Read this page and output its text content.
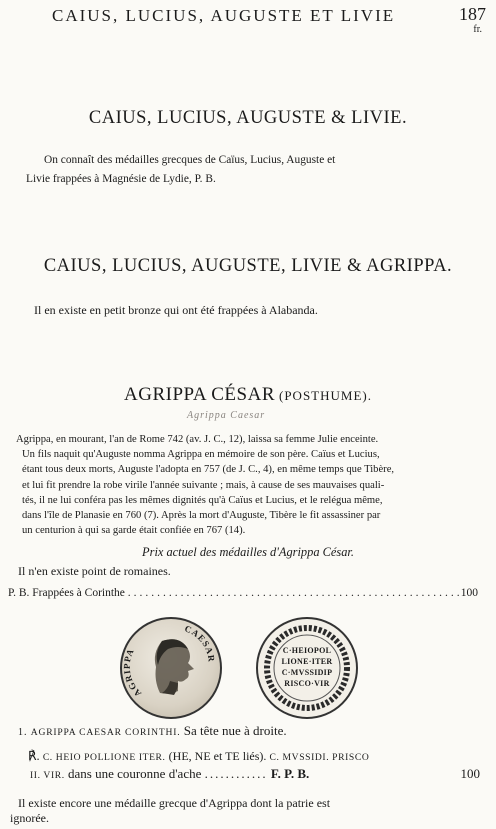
CAIUS, LUCIUS, AUGUSTE ET LIVIE	187
fr.
CAIUS, LUCIUS, AUGUSTE & LIVIE.
On connaît des médailles grecques de Caïus, Lucius, Auguste et
Livie frappées à Magnésie de Lydie, P. B.
CAIUS, LUCIUS, AUGUSTE, LIVIE & AGRIPPA.
Il en existe en petit bronze qui ont été frappées à Alabanda.
AGRIPPA CÉSAR (POSTHUME).
Agrippa Caesar
Agrippa, en mourant, l'an de Rome 742 (av. J. C., 12), laissa sa femme Julie enceinte.
Un fils naquit qu'Auguste nomma Agrippa en mémoire de son père. Caïus et Lucius,
étant tous deux morts, Auguste l'adopta en 757 (de J. C., 4), en même temps que Tibère,
et lui fit prendre la robe virile l'année suivante ; mais, à cause de ses mauvaises quali-
tés, il ne lui conféra pas les mêmes dignités qu'à Caïus et Lucius, et le relégua même,
dans l'île de Planasie en 760 (7). Après la mort d'Auguste, Tibère le fit assassiner par
un centurion à qui sa garde était confiée en 767 (14).
Prix actuel des médailles d'Agrippa César.
Il n'en existe point de romaines.
P. B. Frappées à Corinthe .........................................................
100
AGRIPPA
CAESAR
C·HEIOPOL
LIONE·ITER
C·MVSSIDIP
RISCO·VIR
1. AGRIPPA CAESAR CORINTHI. Sa tête nue à droite.
℟. C. HEIO POLLIONE ITER. (HE, NE et TE liés). C. MVSSIDI. PRISCO
II. VIR. dans une couronne d'ache ............ F. P. B.	100
Il existe encore une médaille grecque d'Agrippa dont la patrie est
ignorée.
